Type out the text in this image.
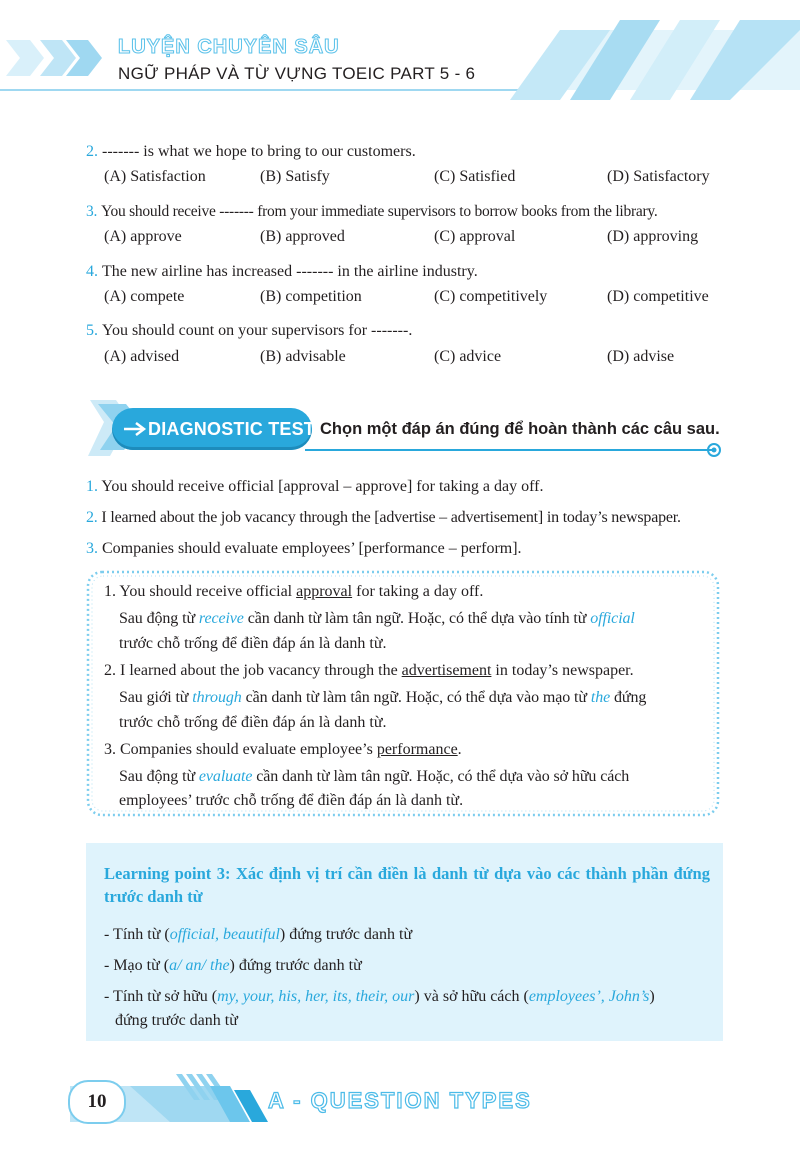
LUYỆN CHUYÊN SÂU
NGỮ PHÁP VÀ TỪ VỰNG TOEIC PART 5 - 6
2. ------- is what we hope to bring to our customers.
(A) Satisfaction	(B) Satisfy	(C) Satisfied	(D) Satisfactory
3. You should receive ------- from your immediate supervisors to borrow books from the library.
(A) approve	(B) approved	(C) approval	(D) approving
4. The new airline has increased ------- in the airline industry.
(A) compete	(B) competition	(C) competitively	(D) competitive
5. You should count on your supervisors for -------.
(A) advised	(B) advisable	(C) advice	(D) advise
DIAGNOSTIC TEST 3
Chọn một đáp án đúng để hoàn thành các câu sau.
1. You should receive official [approval – approve] for taking a day off.
2. I learned about the job vacancy through the [advertise – advertisement] in today’s newspaper.
3. Companies should evaluate employees’ [performance – perform].
1. You should receive official approval for taking a day off.
Sau động từ receive cần danh từ làm tân ngữ. Hoặc, có thể dựa vào tính từ official
trước chỗ trống để điền đáp án là danh từ.
2. I learned about the job vacancy through the advertisement in today’s newspaper.
Sau giới từ through cần danh từ làm tân ngữ. Hoặc, có thể dựa vào mạo từ the đứng
trước chỗ trống để điền đáp án là danh từ.
3. Companies should evaluate employee’s performance.
Sau động từ evaluate cần danh từ làm tân ngữ. Hoặc, có thể dựa vào sở hữu cách
employees’ trước chỗ trống để điền đáp án là danh từ.
Learning point 3: Xác định vị trí cần điền là danh từ dựa vào các thành phần đứng trước danh từ
- Tính từ (official, beautiful) đứng trước danh từ
- Mạo từ (a/ an/ the) đứng trước danh từ
- Tính từ sở hữu (my, your, his, her, its, their, our) và sở hữu cách (employees’, John’s)
đứng trước danh từ
10	A - QUESTION TYPES
